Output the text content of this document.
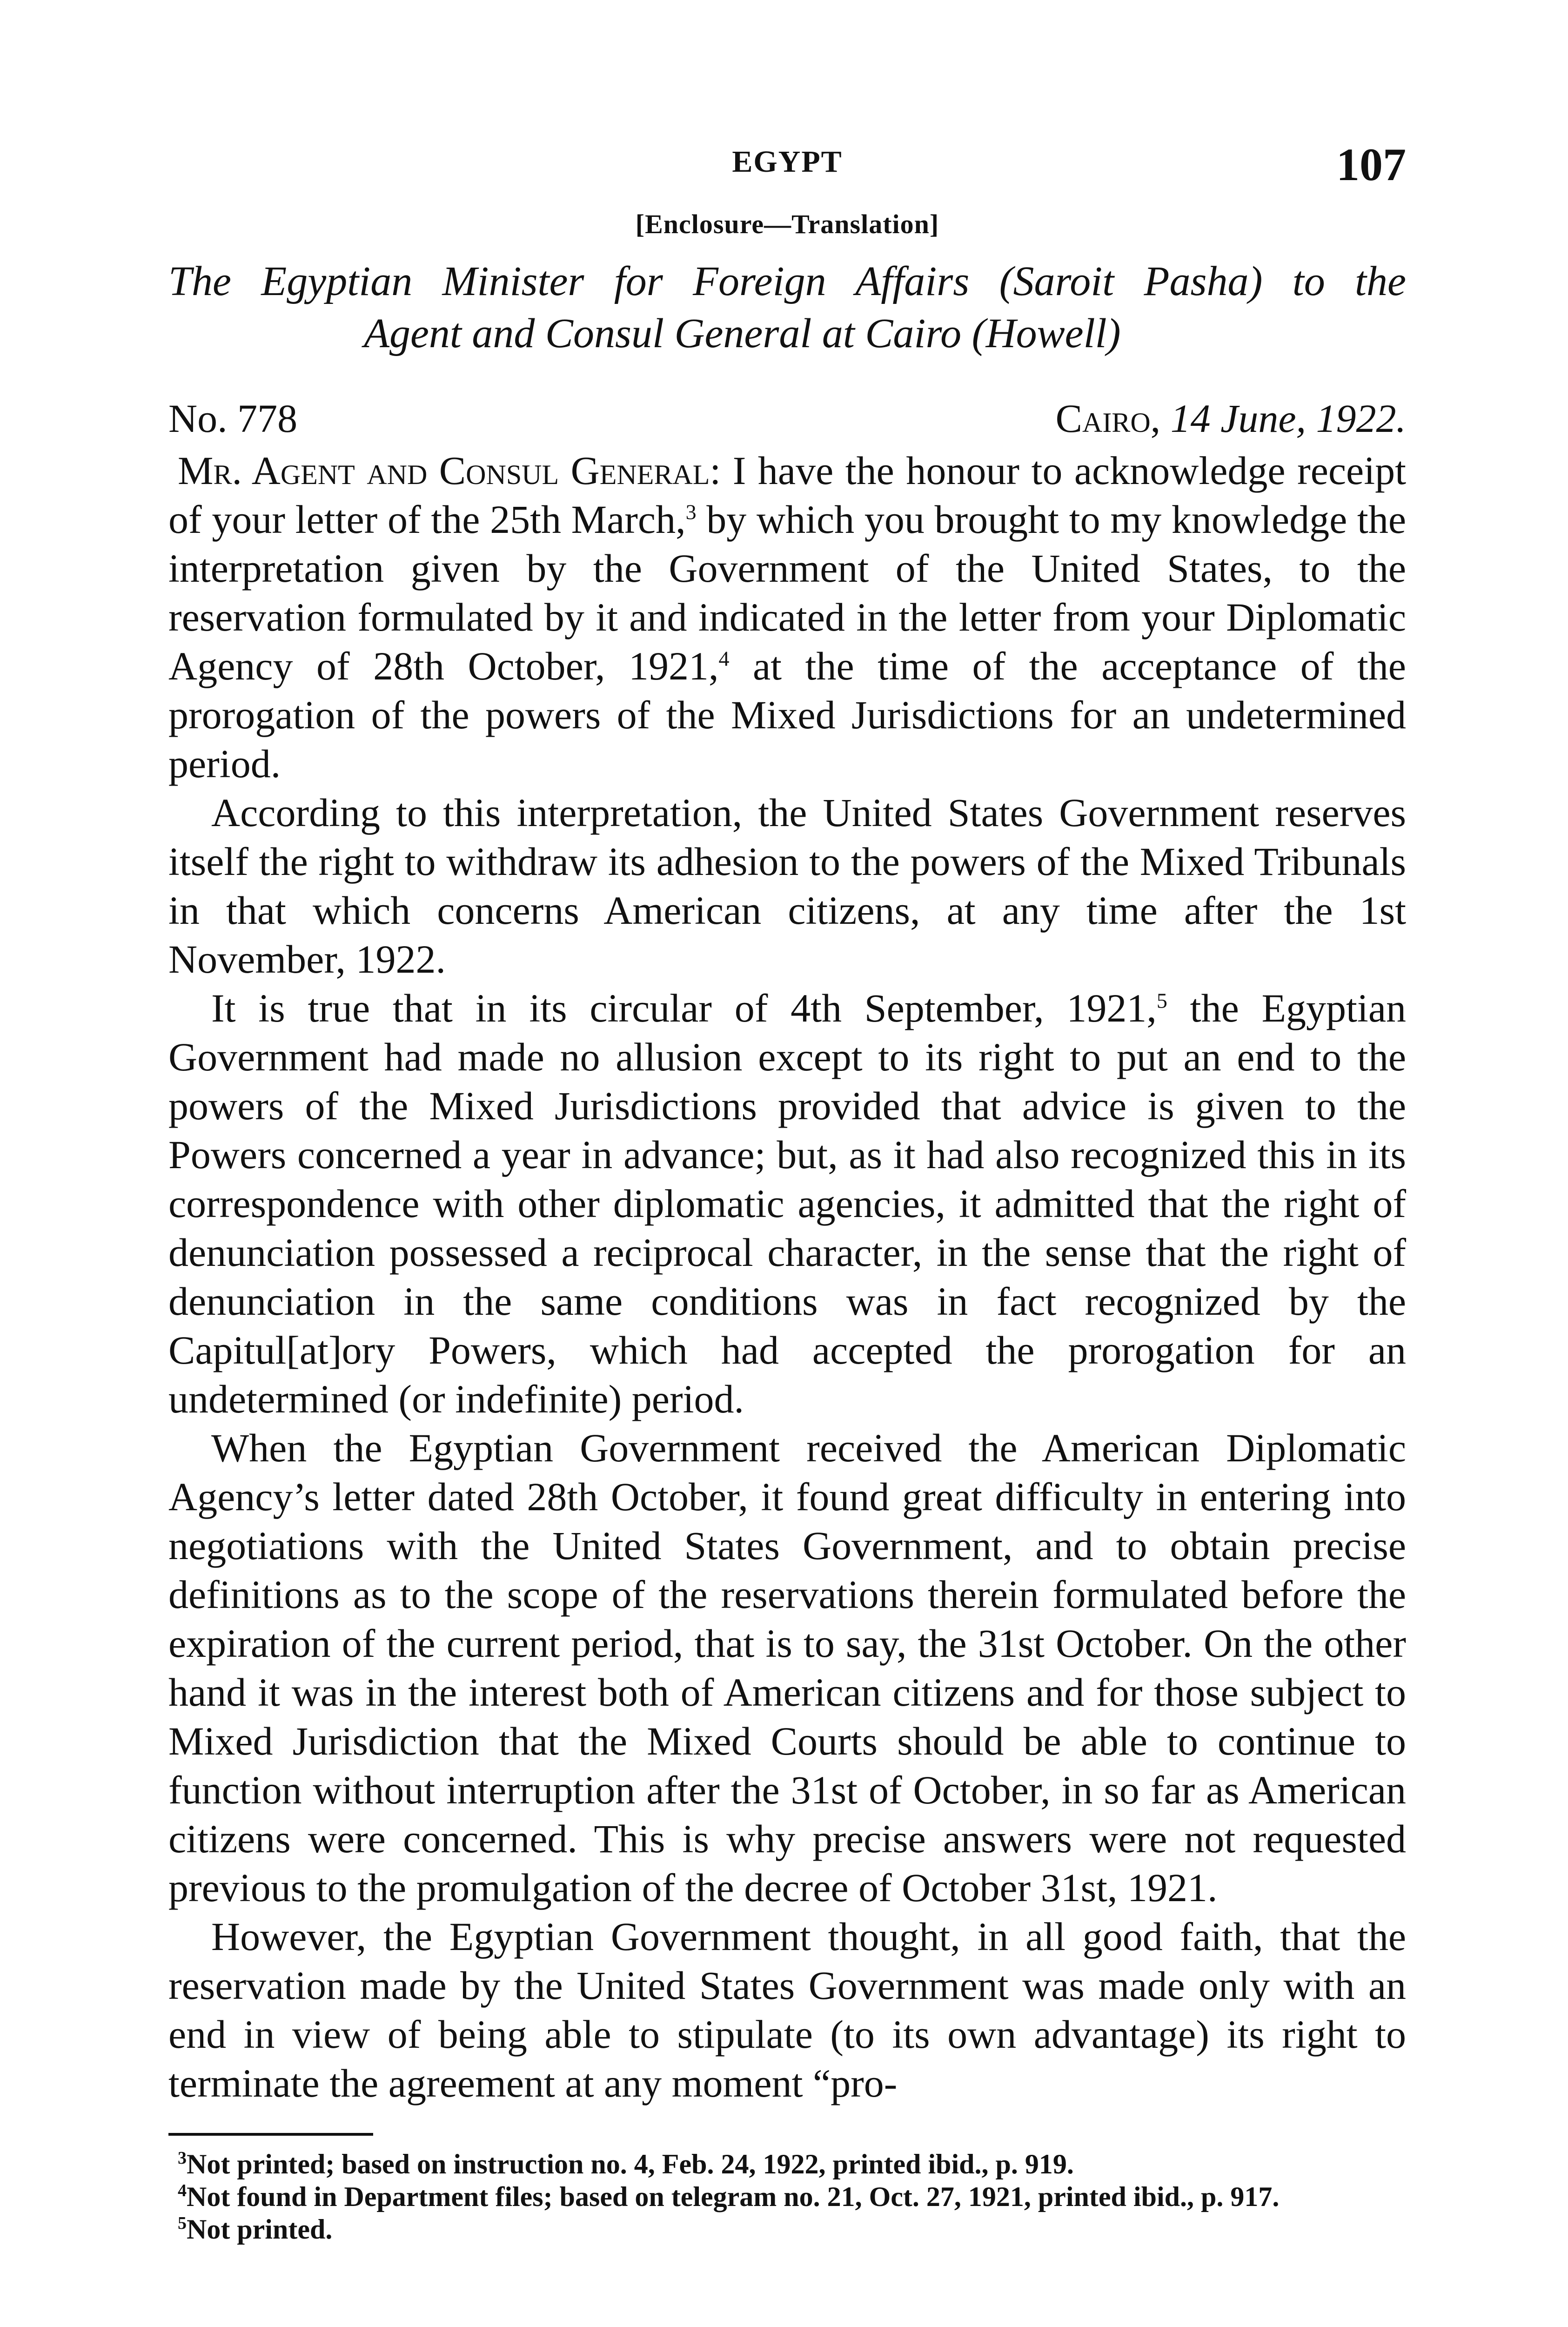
EGYPT	107
[Enclosure—Translation]
The Egyptian Minister for Foreign Affairs (Saroit Pasha) to the
Agent and Consul General at Cairo (Howell)
No. 778	Cairo, 14 June, 1922.

Mr. Agent and Consul General: I have the honour to acknowledge receipt of your letter of the 25th March,$^3$ by which you brought to my knowledge the interpretation given by the Government of the United States, to the reservation formulated by it and indicated in the letter from your Diplomatic Agency of 28th October, 1921,$^4$ at the time of the acceptance of the prorogation of the powers of the Mixed Jurisdictions for an undetermined period.

According to this interpretation, the United States Government reserves itself the right to withdraw its adhesion to the powers of the Mixed Tribunals in that which concerns American citizens, at any time after the 1st November, 1922.

It is true that in its circular of 4th September, 1921,$^5$ the Egyptian Government had made no allusion except to its right to put an end to the powers of the Mixed Jurisdictions provided that advice is given to the Powers concerned a year in advance; but, as it had also recognized this in its correspondence with other diplomatic agencies, it admitted that the right of denunciation possessed a reciprocal character, in the sense that the right of denunciation in the same conditions was in fact recognized by the Capitul[at]ory Powers, which had accepted the prorogation for an undetermined (or indefinite) period.

When the Egyptian Government received the American Diplomatic Agency’s letter dated 28th October, it found great difficulty in entering into negotiations with the United States Government, and to obtain precise definitions as to the scope of the reservations therein formulated before the expiration of the current period, that is to say, the 31st October. On the other hand it was in the interest both of American citizens and for those subject to Mixed Jurisdiction that the Mixed Courts should be able to continue to function without interruption after the 31st of October, in so far as American citizens were concerned. This is why precise answers were not requested previous to the promulgation of the decree of October 31st, 1921.

However, the Egyptian Government thought, in all good faith, that the reservation made by the United States Government was made only with an end in view of being able to stipulate (to its own advantage) its right to terminate the agreement at any moment “pro-

$^3$Not printed; based on instruction no. 4, Feb. 24, 1922, printed ibid., p. 919.
$^4$Not found in Department files; based on telegram no. 21, Oct. 27, 1921, printed ibid., p. 917.
$^5$Not printed.
